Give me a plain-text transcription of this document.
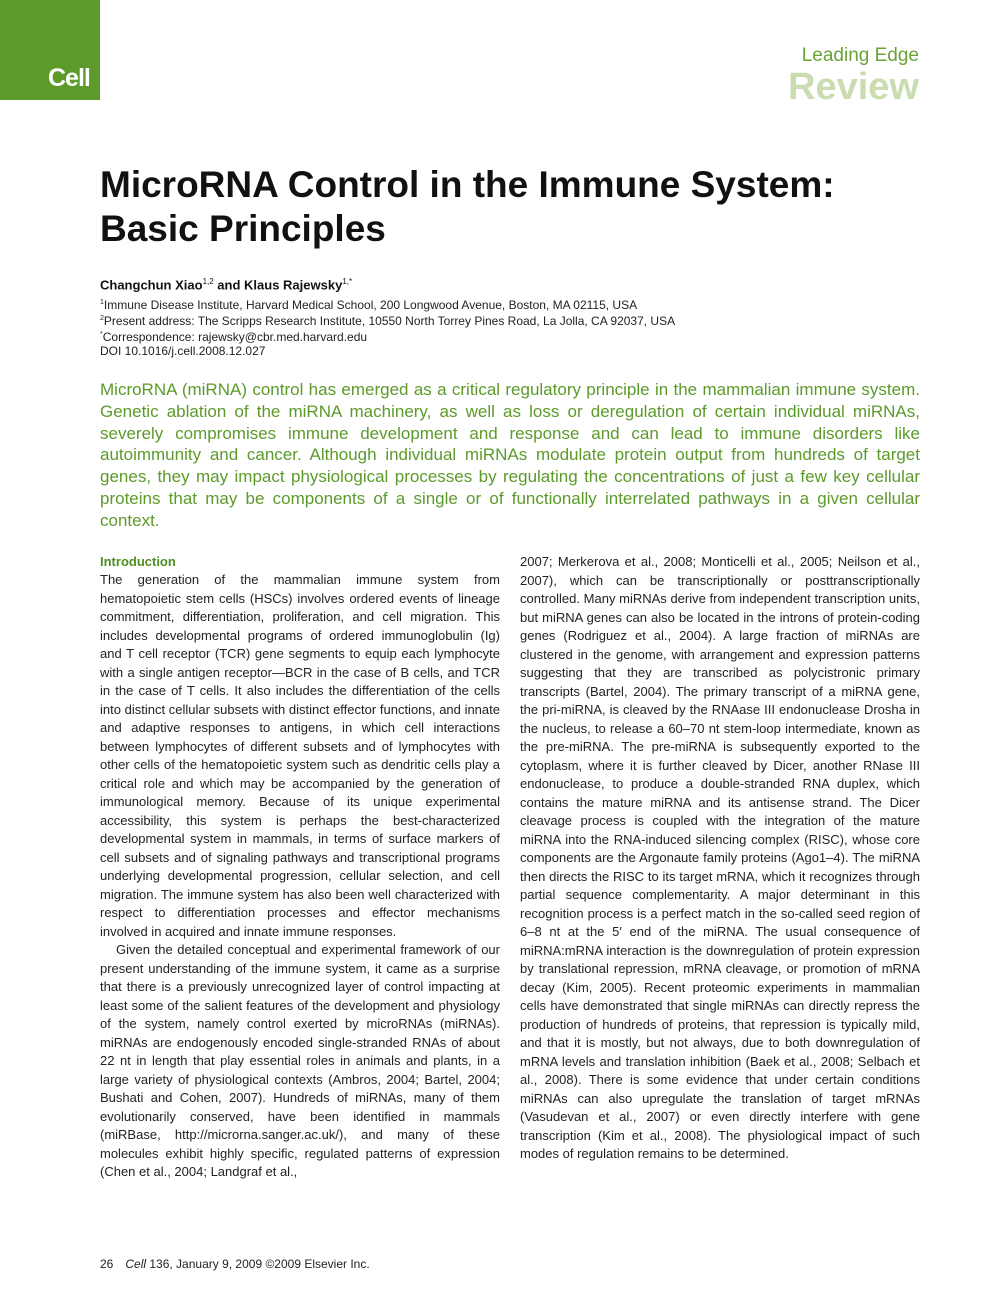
Cell
Leading Edge
Review
MicroRNA Control in the Immune System: Basic Principles
Changchun Xiao$^{1,2}$ and Klaus Rajewsky$^{1,*}$
$^1$Immune Disease Institute, Harvard Medical School, 200 Longwood Avenue, Boston, MA 02115, USA
$^2$Present address: The Scripps Research Institute, 10550 North Torrey Pines Road, La Jolla, CA 92037, USA
*Correspondence: rajewsky@cbr.med.harvard.edu
DOI 10.1016/j.cell.2008.12.027

MicroRNA (miRNA) control has emerged as a critical regulatory principle in the mammalian immune system. Genetic ablation of the miRNA machinery, as well as loss or deregulation of certain individual miRNAs, severely compromises immune development and response and can lead to immune disorders like autoimmunity and cancer. Although individual miRNAs modulate protein output from hundreds of target genes, they may impact physiological processes by regulating the concentrations of just a few key cellular proteins that may be components of a single or of functionally interrelated pathways in a given cellular context.

Introduction

The generation of the mammalian immune system from hematopoietic stem cells (HSCs) involves ordered events of lineage commitment, differentiation, proliferation, and cell migration. This includes developmental programs of ordered immunoglobulin (Ig) and T cell receptor (TCR) gene segments to equip each lymphocyte with a single antigen receptor—BCR in the case of B cells, and TCR in the case of T cells. It also includes the differentiation of the cells into distinct cellular subsets with distinct effector functions, and innate and adaptive responses to antigens, in which cell interactions between lymphocytes of different subsets and of lymphocytes with other cells of the hematopoietic system such as dendritic cells play a critical role and which may be accompanied by the generation of immunological memory. Because of its unique experimental accessibility, this system is perhaps the best-characterized developmental system in mammals, in terms of surface markers of cell subsets and of signaling pathways and transcriptional programs underlying developmental progression, cellular selection, and cell migration. The immune system has also been well characterized with respect to differentiation processes and effector mechanisms involved in acquired and innate immune responses.

Given the detailed conceptual and experimental framework of our present understanding of the immune system, it came as a surprise that there is a previously unrecognized layer of control impacting at least some of the salient features of the development and physiology of the system, namely control exerted by microRNAs (miRNAs). miRNAs are endogenously encoded single-stranded RNAs of about 22 nt in length that play essential roles in animals and plants, in a large variety of physiological contexts (Ambros, 2004; Bartel, 2004; Bushati and Cohen, 2007). Hundreds of miRNAs, many of them evolutionarily conserved, have been identified in mammals (miRBase, http://microrna.sanger.ac.uk/), and many of these molecules exhibit highly specific, regulated patterns of expression (Chen et al., 2004; Landgraf et al.,

2007; Merkerova et al., 2008; Monticelli et al., 2005; Neilson et al., 2007), which can be transcriptionally or posttranscriptionally controlled. Many miRNAs derive from independent transcription units, but miRNA genes can also be located in the introns of protein-coding genes (Rodriguez et al., 2004). A large fraction of miRNAs are clustered in the genome, with arrangement and expression patterns suggesting that they are transcribed as polycistronic primary transcripts (Bartel, 2004). The primary transcript of a miRNA gene, the pri-miRNA, is cleaved by the RNAase III endonuclease Drosha in the nucleus, to release a 60–70 nt stem-loop intermediate, known as the pre-miRNA. The pre-miRNA is subsequently exported to the cytoplasm, where it is further cleaved by Dicer, another RNase III endonuclease, to produce a double-stranded RNA duplex, which contains the mature miRNA and its antisense strand. The Dicer cleavage process is coupled with the integration of the mature miRNA into the RNA-induced silencing complex (RISC), whose core components are the Argonaute family proteins (Ago1–4). The miRNA then directs the RISC to its target mRNA, which it recognizes through partial sequence complementarity. A major determinant in this recognition process is a perfect match in the so-called seed region of 6–8 nt at the 5′ end of the miRNA. The usual consequence of miRNA:mRNA interaction is the downregulation of protein expression by translational repression, mRNA cleavage, or promotion of mRNA decay (Kim, 2005). Recent proteomic experiments in mammalian cells have demonstrated that single miRNAs can directly repress the production of hundreds of proteins, that repression is typically mild, and that it is mostly, but not always, due to both downregulation of mRNA levels and translation inhibition (Baek et al., 2008; Selbach et al., 2008). There is some evidence that under certain conditions miRNAs can also upregulate the translation of target mRNAs (Vasudevan et al., 2007) or even directly interfere with gene transcription (Kim et al., 2008). The physiological impact of such modes of regulation remains to be determined.

26 Cell 136, January 9, 2009 ©2009 Elsevier Inc.
